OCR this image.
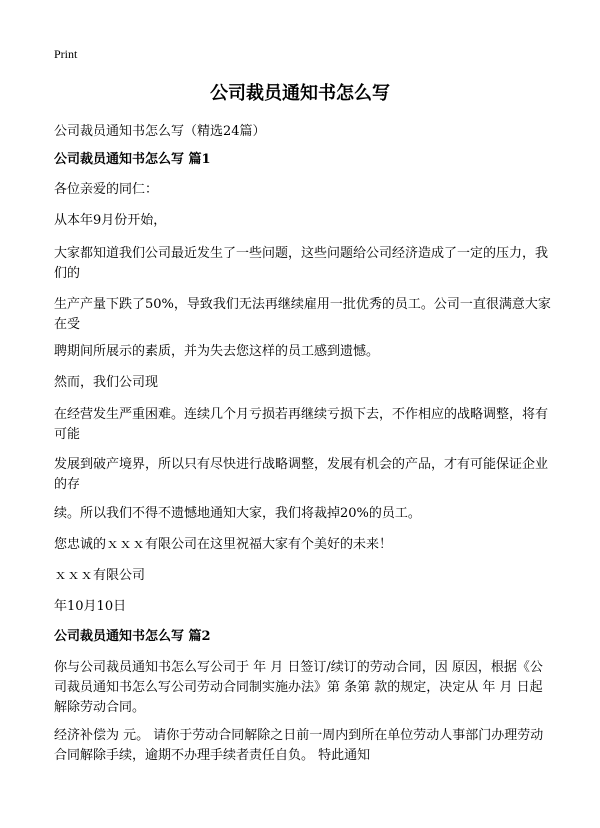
Print
公司裁员通知书怎么写
公司裁员通知书怎么写（精选24篇）
公司裁员通知书怎么写 篇1
各位亲爱的同仁：
从本年9月份开始，
大家都知道我们公司最近发生了一些问题，这些问题给公司经济造成了一定的压力，我们的
生产产量下跌了50%，导致我们无法再继续雇用一批优秀的员工。公司一直很满意大家在受
聘期间所展示的素质，并为失去您这样的员工感到遗憾。
然而，我们公司现
在经营发生严重困难。连续几个月亏损若再继续亏损下去，不作相应的战略调整，将有可能
发展到破产境界，所以只有尽快进行战略调整，发展有机会的产品，才有可能保证企业的存
续。所以我们不得不遗憾地通知大家，我们将裁掉20%的员工。
您忠诚的ｘｘｘ有限公司在这里祝福大家有个美好的未来！
ｘｘｘ有限公司
年10月10日
公司裁员通知书怎么写 篇2
你与公司裁员通知书怎么写公司于 年 月 日签订/续订的劳动合同，因 原因，根据《公司裁员通知书怎么写公司劳动合同制实施办法》第 条第 款的规定，决定从 年 月 日起解除劳动合同。
经济补偿为 元。 请你于劳动合同解除之日前一周内到所在单位劳动人事部门办理劳动合同解除手续，逾期不办理手续者责任自负。 特此通知
